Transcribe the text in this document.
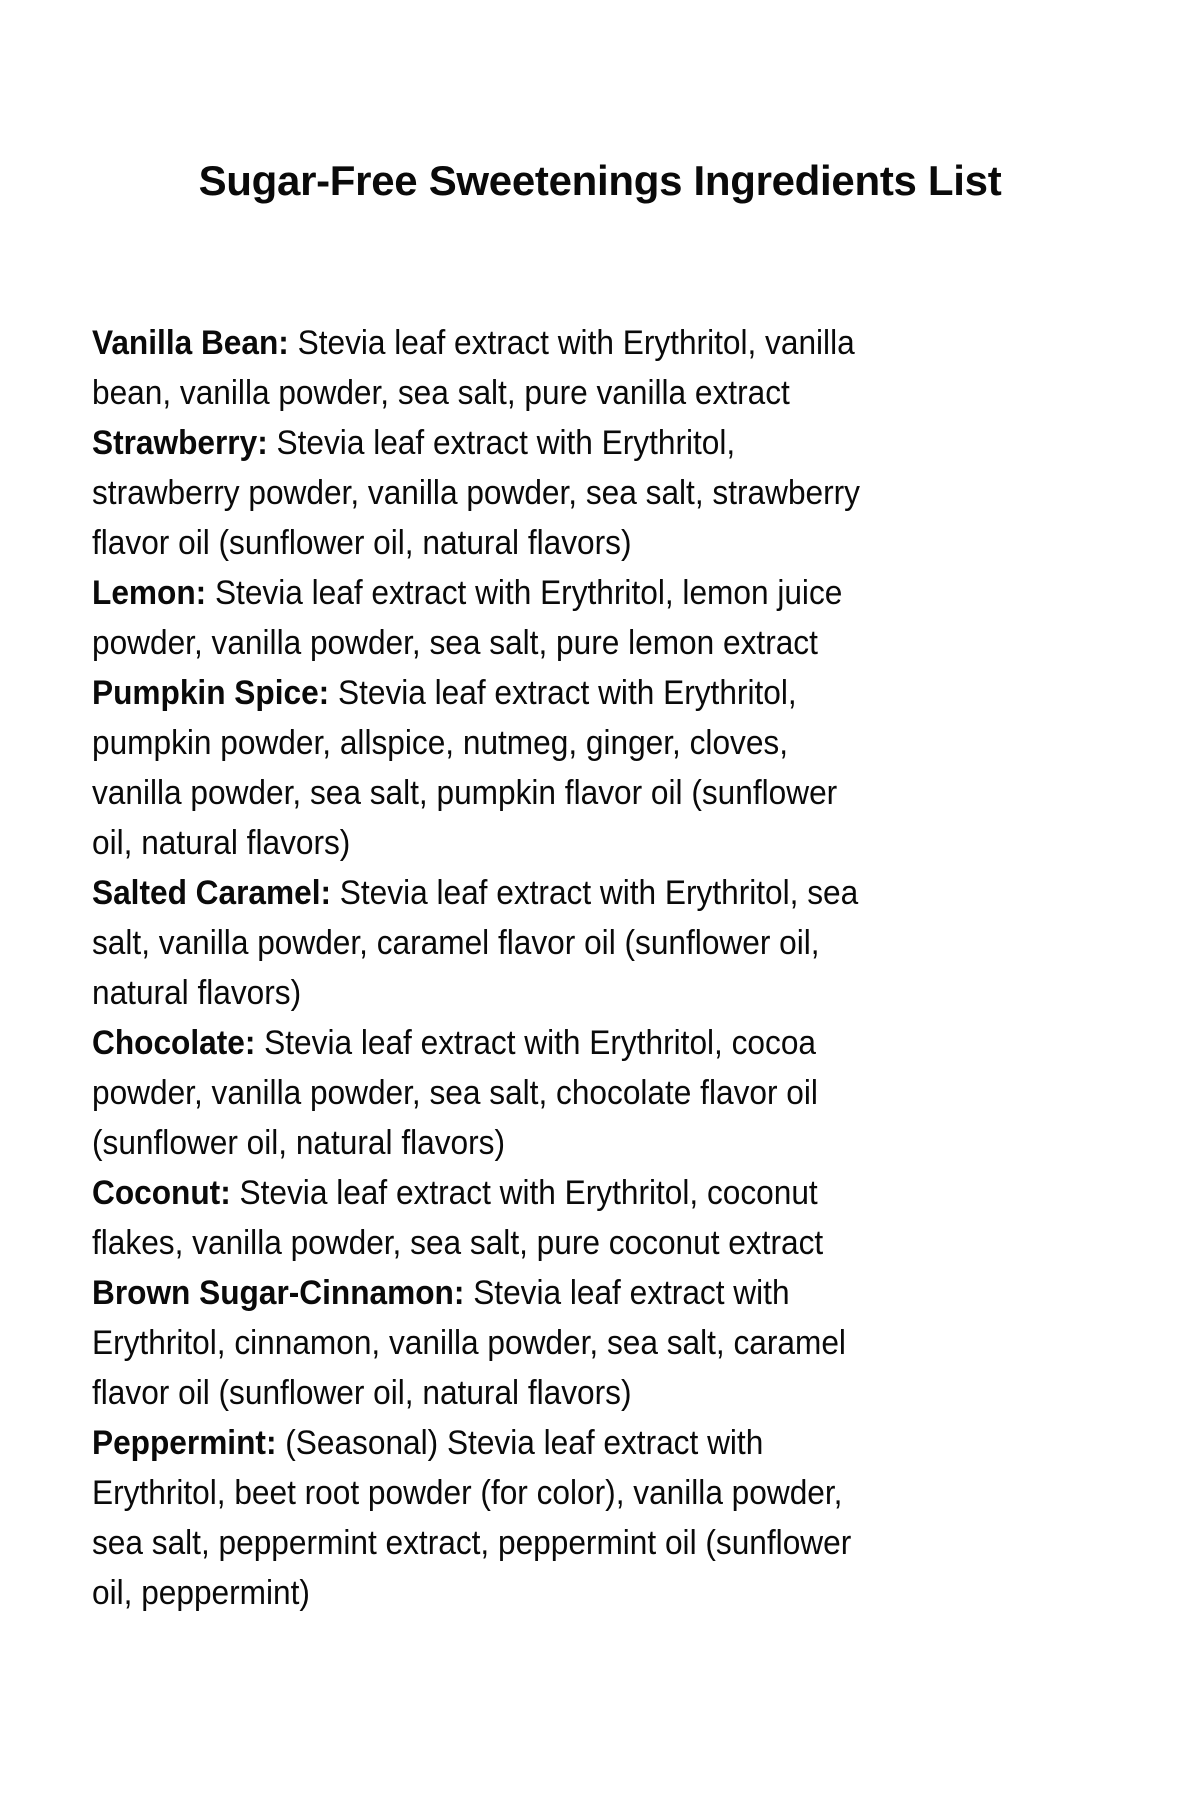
Sugar-Free Sweetenings Ingredients List
Vanilla Bean: Stevia leaf extract with Erythritol, vanilla
bean, vanilla powder, sea salt, pure vanilla extract
Strawberry: Stevia leaf extract with Erythritol,
strawberry powder, vanilla powder, sea salt, strawberry
flavor oil (sunflower oil, natural flavors)
Lemon: Stevia leaf extract with Erythritol, lemon juice
powder, vanilla powder, sea salt, pure lemon extract
Pumpkin Spice: Stevia leaf extract with Erythritol,
pumpkin powder, allspice, nutmeg, ginger, cloves,
vanilla powder, sea salt, pumpkin flavor oil (sunflower
oil, natural flavors)
Salted Caramel: Stevia leaf extract with Erythritol, sea
salt, vanilla powder, caramel flavor oil (sunflower oil,
natural flavors)
Chocolate: Stevia leaf extract with Erythritol, cocoa
powder, vanilla powder, sea salt, chocolate flavor oil
(sunflower oil, natural flavors)
Coconut: Stevia leaf extract with Erythritol, coconut
flakes, vanilla powder, sea salt, pure coconut extract
Brown Sugar-Cinnamon: Stevia leaf extract with
Erythritol, cinnamon, vanilla powder, sea salt, caramel
flavor oil (sunflower oil, natural flavors)
Peppermint: (Seasonal) Stevia leaf extract with
Erythritol, beet root powder (for color), vanilla powder,
sea salt, peppermint extract, peppermint oil (sunflower
oil, peppermint)
